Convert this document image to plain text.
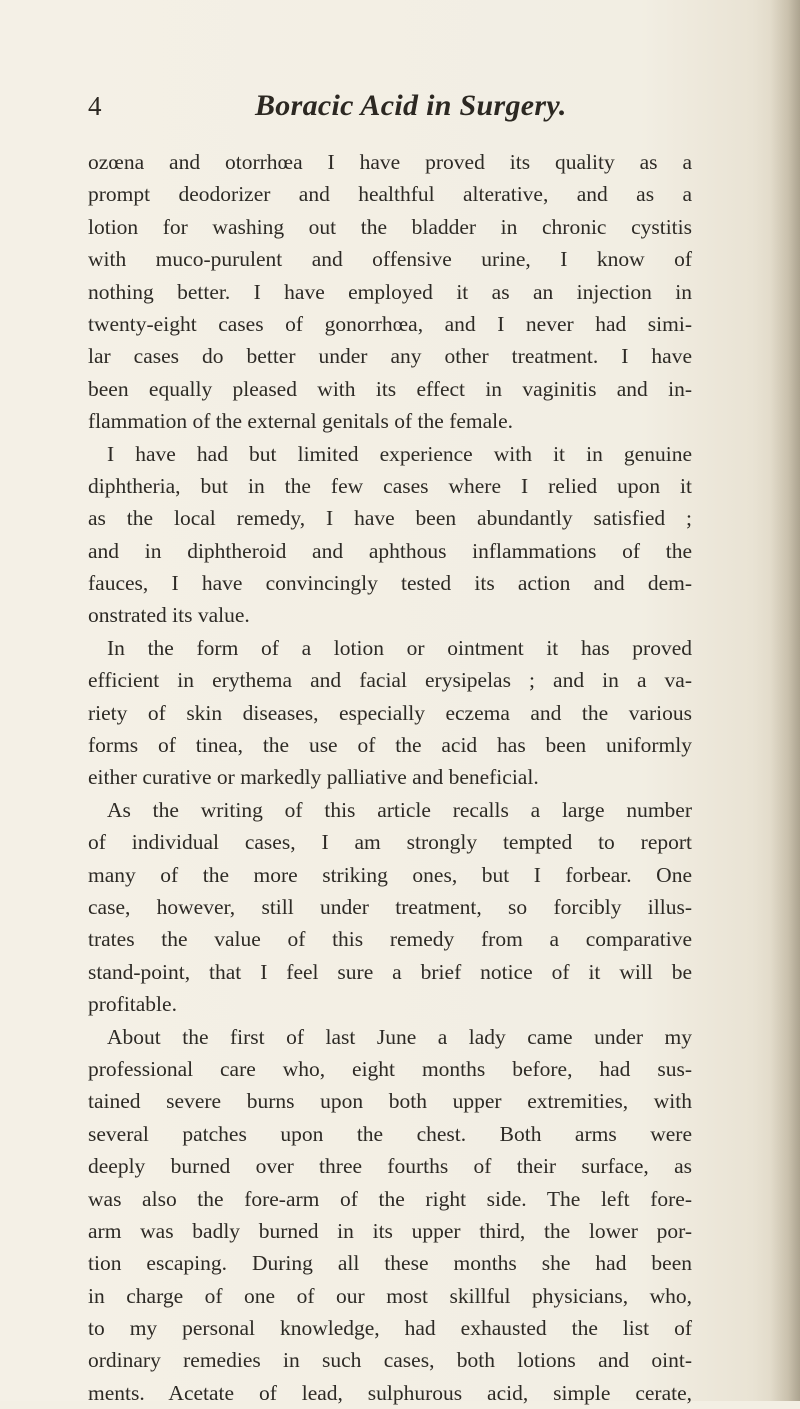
4	Boracic Acid in Surgery.
ozœna and otorrhœa I have proved its quality as a
prompt deodorizer and healthful alterative, and as a
lotion for washing out the bladder in chronic cystitis
with muco-purulent and offensive urine, I know of
nothing better. I have employed it as an injection in
twenty-eight cases of gonorrhœa, and I never had simi-
lar cases do better under any other treatment. I have
been equally pleased with its effect in vaginitis and in-
flammation of the external genitals of the female.
I have had but limited experience with it in genuine
diphtheria, but in the few cases where I relied upon it
as the local remedy, I have been abundantly satisfied ;
and in diphtheroid and aphthous inflammations of the
fauces, I have convincingly tested its action and dem-
onstrated its value.
In the form of a lotion or ointment it has proved
efficient in erythema and facial erysipelas ; and in a va-
riety of skin diseases, especially eczema and the various
forms of tinea, the use of the acid has been uniformly
either curative or markedly palliative and beneficial.
As the writing of this article recalls a large number
of individual cases, I am strongly tempted to report
many of the more striking ones, but I forbear. One
case, however, still under treatment, so forcibly illus-
trates the value of this remedy from a comparative
stand-point, that I feel sure a brief notice of it will be
profitable.
About the first of last June a lady came under my
professional care who, eight months before, had sus-
tained severe burns upon both upper extremities, with
several patches upon the chest. Both arms were
deeply burned over three fourths of their surface, as
was also the fore-arm of the right side. The left fore-
arm was badly burned in its upper third, the lower por-
tion escaping. During all these months she had been
in charge of one of our most skillful physicians, who,
to my personal knowledge, had exhausted the list of
ordinary remedies in such cases, both lotions and oint-
ments. Acetate of lead, sulphurous acid, simple cerate,
